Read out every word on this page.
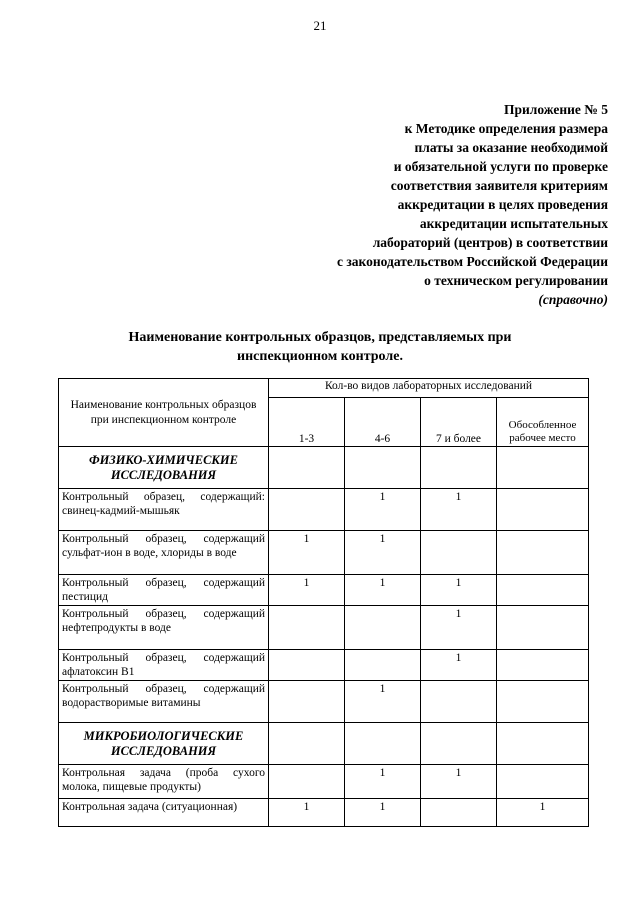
21
Приложение № 5
к Методике определения размера
платы за оказание необходимой
и обязательной услуги по проверке
соответствия заявителя критериям
аккредитации в целях проведения
аккредитации испытательных
лабораторий (центров) в соответствии
с законодательством Российской Федерации
о техническом регулировании
(справочно)
Наименование контрольных образцов, представляемых при
инспекционном контроле.
Наименование контрольных образцов при инспекционном контроле	Кол-во видов лабораторных исследований			
	1-3	4-6	7 и более	Обособленное рабочее место
ФИЗИКО-ХИМИЧЕСКИЕ ИССЛЕДОВАНИЯ				
Контрольный образец, содержащий: свинец-кадмий-мышьяк		1	1	
Контрольный образец, содержащий сульфат-ион в воде, хлориды в воде	1	1		
Контрольный образец, содержащий пестицид	1	1	1	
Контрольный образец, содержащий нефтепродукты в воде			1	
Контрольный образец, содержащий афлатоксин В1			1	
Контрольный образец, содержащий водорастворимые витамины		1		
МИКРОБИОЛОГИЧЕСКИЕ ИССЛЕДОВАНИЯ				
Контрольная задача (проба сухого молока, пищевые продукты)		1	1	
Контрольная задача (ситуационная)	1	1		1
